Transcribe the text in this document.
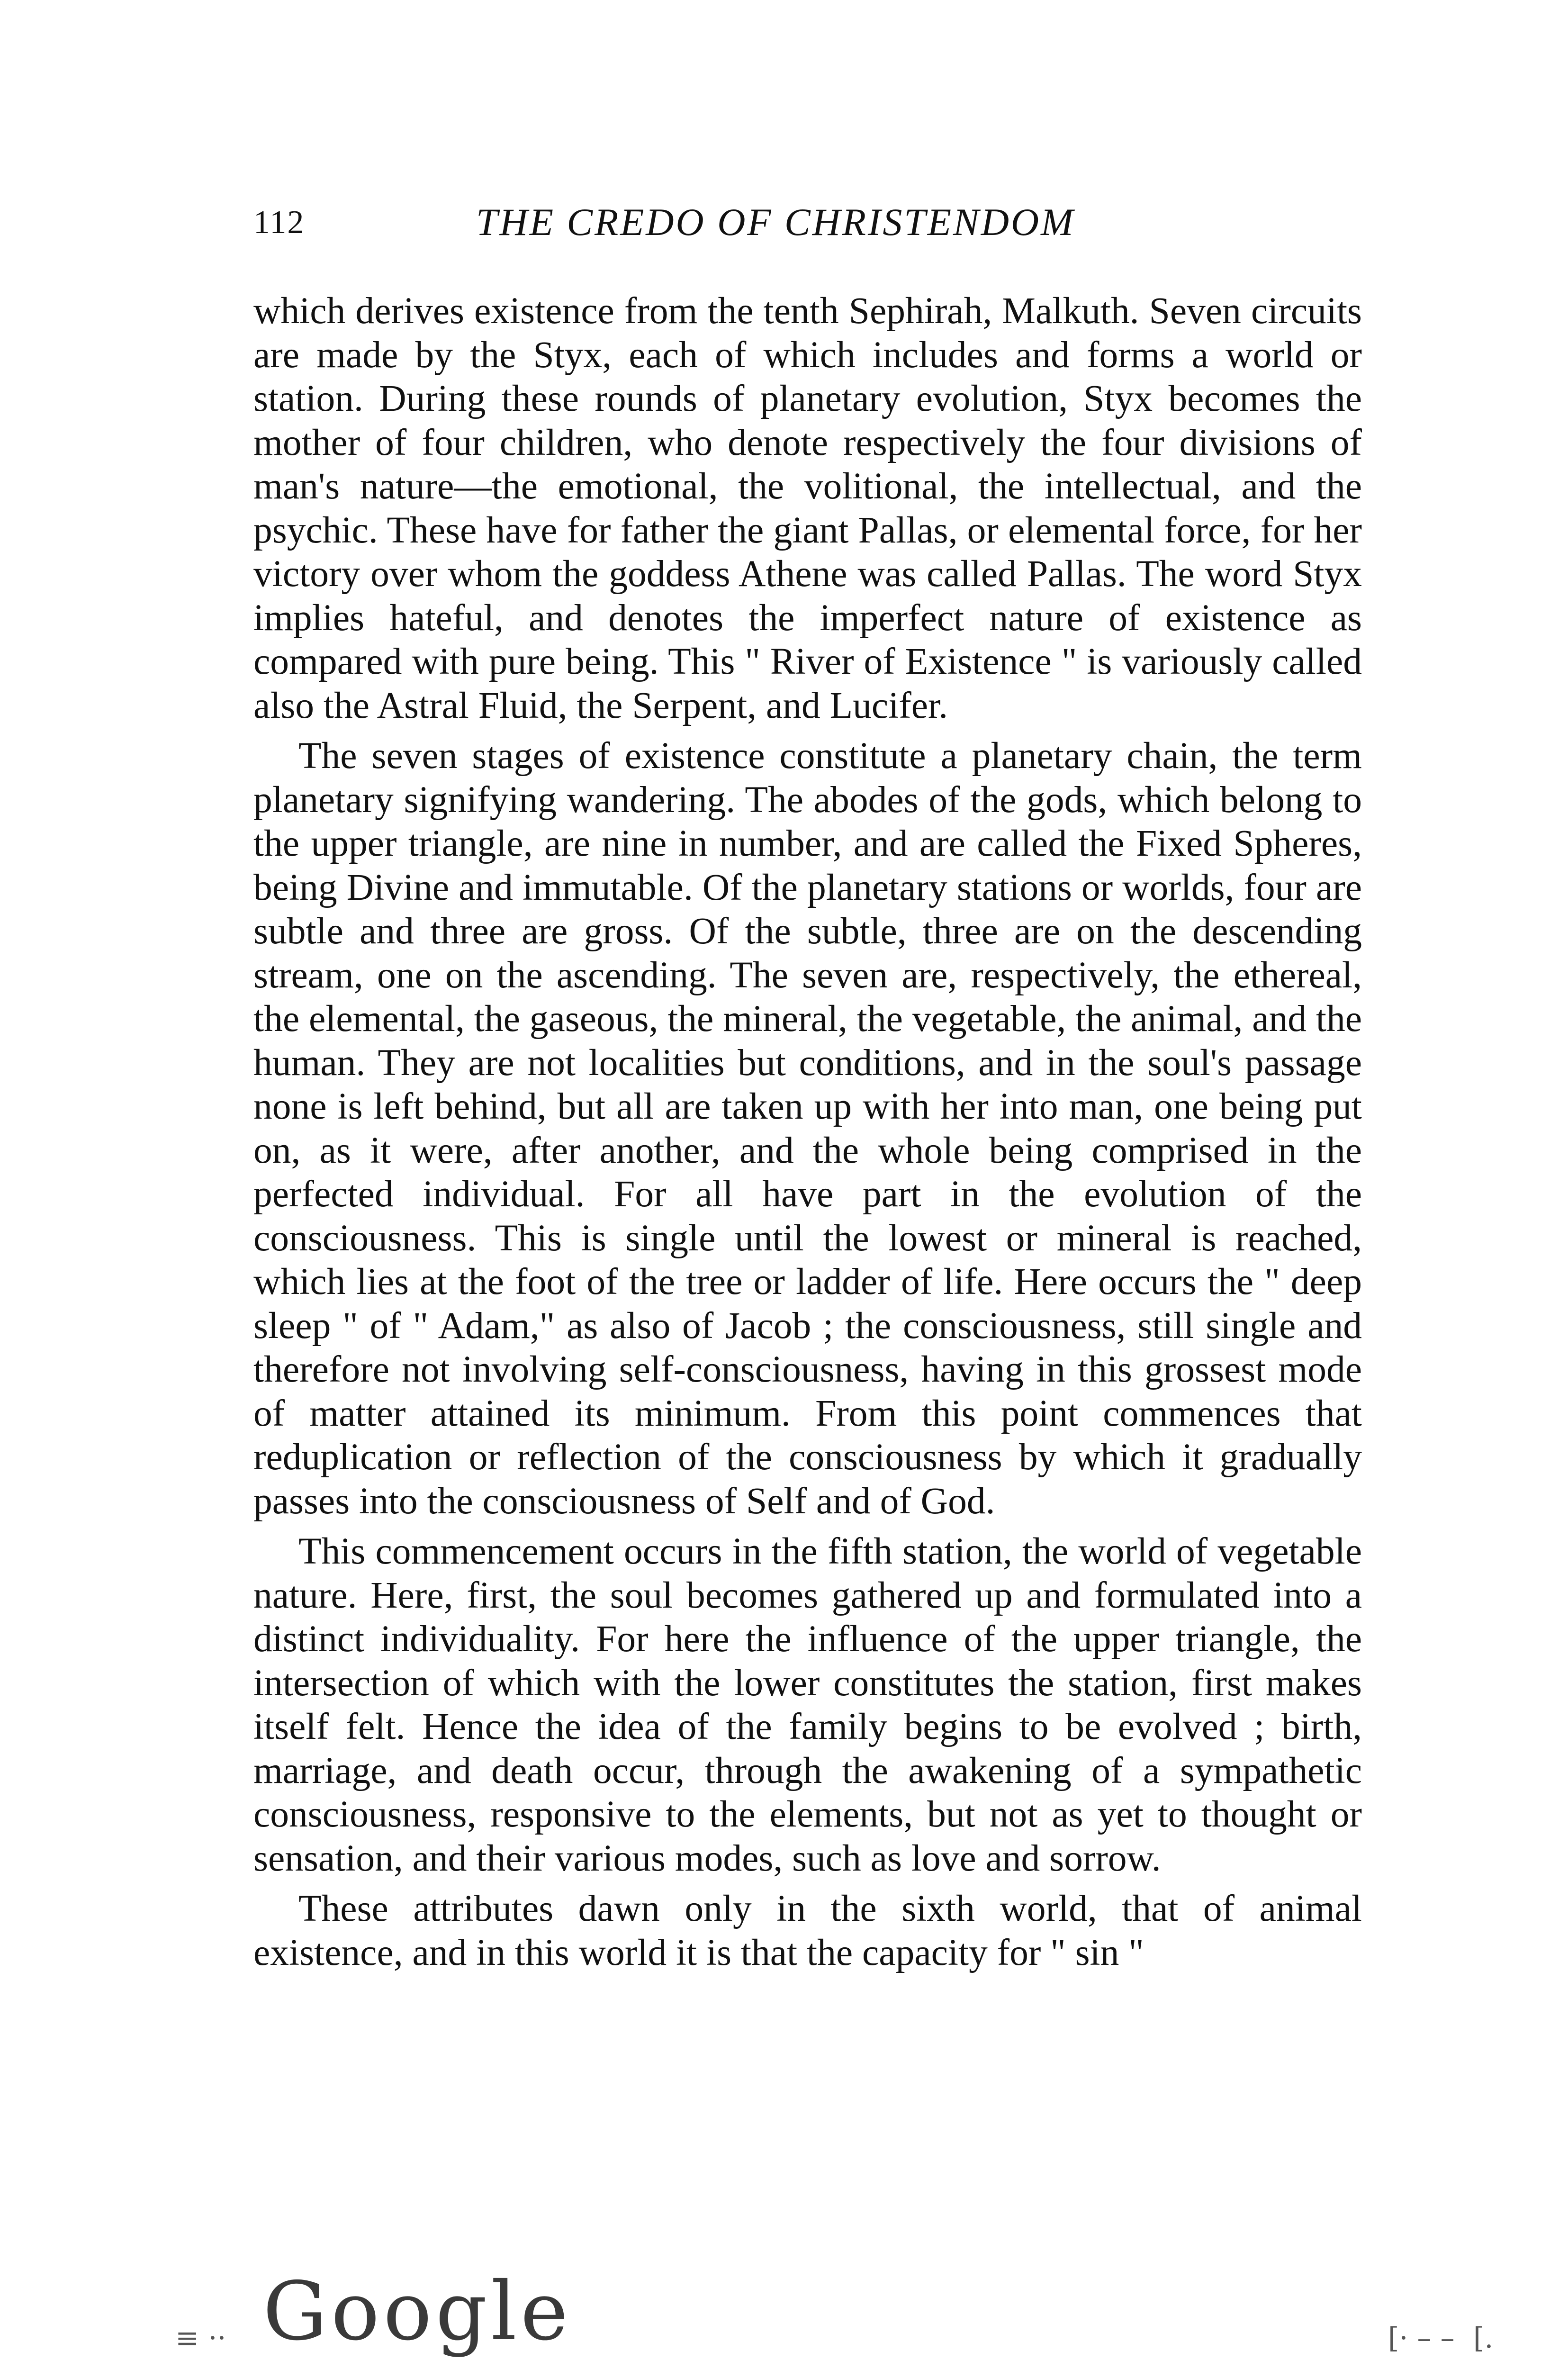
112	THE CREDO OF CHRISTENDOM

which derives existence from the tenth Sephirah, Malkuth. Seven circuits are made by the Styx, each of which includes and forms a world or station. During these rounds of planetary evolution, Styx becomes the mother of four children, who denote respectively the four divisions of man's nature—the emotional, the volitional, the intellectual, and the psychic. These have for father the giant Pallas, or elemental force, for her victory over whom the goddess Athene was called Pallas. The word Styx implies hateful, and denotes the imperfect nature of existence as compared with pure being. This " River of Existence " is variously called also the Astral Fluid, the Serpent, and Lucifer.

The seven stages of existence constitute a planetary chain, the term planetary signifying wandering. The abodes of the gods, which belong to the upper triangle, are nine in number, and are called the Fixed Spheres, being Divine and immutable. Of the planetary stations or worlds, four are subtle and three are gross. Of the subtle, three are on the descending stream, one on the ascending. The seven are, respectively, the ethereal, the elemental, the gaseous, the mineral, the vegetable, the animal, and the human. They are not localities but conditions, and in the soul's passage none is left behind, but all are taken up with her into man, one being put on, as it were, after another, and the whole being comprised in the perfected individual. For all have part in the evolution of the consciousness. This is single until the lowest or mineral is reached, which lies at the foot of the tree or ladder of life. Here occurs the " deep sleep " of " Adam," as also of Jacob ; the consciousness, still single and therefore not involving self-consciousness, having in this grossest mode of matter attained its minimum. From this point commences that reduplication or reflection of the consciousness by which it gradually passes into the consciousness of Self and of God.

This commencement occurs in the fifth station, the world of vegetable nature. Here, first, the soul becomes gathered up and formulated into a distinct individuality. For here the influence of the upper triangle, the intersection of which with the lower constitutes the station, first makes itself felt. Hence the idea of the family begins to be evolved ; birth, marriage, and death occur, through the awakening of a sympathetic consciousness, responsive to the elements, but not as yet to thought or sensation, and their various modes, such as love and sorrow.

These attributes dawn only in the sixth world, that of animal existence, and in this world it is that the capacity for " sin "

≡ ·· Google	[· – – [.
